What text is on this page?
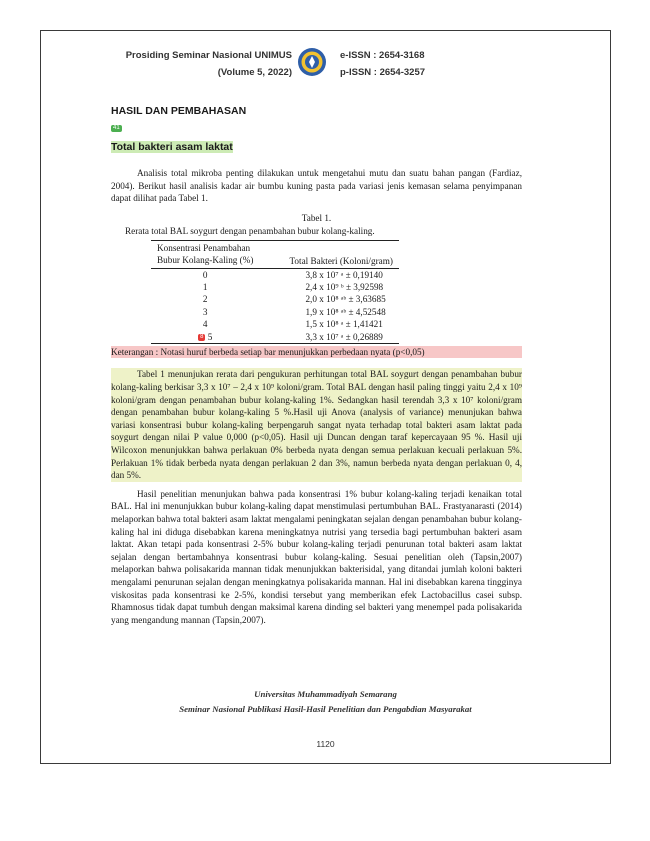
Prosiding Seminar Nasional UNIMUS
(Volume 5, 2022)
e-ISSN : 2654-3168
p-ISSN : 2654-3257
HASIL DAN PEMBAHASAN
41
Total bakteri asam laktat

Analisis total mikroba penting dilakukan untuk mengetahui mutu dan suatu bahan pangan (Fardiaz, 2004). Berikut hasil analisis kadar air bumbu kuning pasta pada variasi jenis kemasan selama penyimpanan dapat dilihat pada Tabel 1.

Tabel 1.
Rerata total BAL soygurt dengan penambahan bubur kolang-kaling.
Konsentrasi Penambahan
Bubur Kolang-Kaling (%)	Total Bakteri (Koloni/gram)
0	3,8 x 10⁷ ᵃ ± 0,19140
1	2,4 x 10⁹ ᵇ ± 3,92598
2	2,0 x 10⁸ ᵃᵇ ± 3,63685
3	1,9 x 10⁸ ᵃᵇ ± 4,52548
4	1,5 x 10⁸ ᵃ ± 1,41421
8 5	3,3 x 10⁷ ᵃ ± 0,26889

Keterangan : Notasi huruf berbeda setiap bar menunjukkan perbedaan nyata (p<0,05)

Tabel 1 menunjukan rerata dari pengukuran perhitungan total BAL soygurt dengan penambahan bubur kolang-kaling berkisar 3,3 x 10⁷ – 2,4 x 10⁹ koloni/gram. Total BAL dengan hasil paling tinggi yaitu 2,4 x 10⁹ koloni/gram dengan penambahan bubur kolang-kaling 1%. Sedangkan hasil terendah 3,3 x 10⁷ koloni/gram dengan penambahan bubur kolang-kaling 5 %.Hasil uji Anova (analysis of variance) menunjukan bahwa variasi konsentrasi bubur kolang-kaling berpengaruh sangat nyata terhadap total bakteri asam laktat pada soygurt dengan nilai P value 0,000 (p<0,05). Hasil uji Duncan dengan taraf kepercayaan 95 %. Hasil uji Wilcoxon menunjukkan bahwa perlakuan 0% berbeda nyata dengan semua perlakuan kecuali perlakuan 5%. Perlakuan 1% tidak berbeda nyata dengan perlakuan 2 dan 3%, namun berbeda nyata dengan perlakuan 0, 4, dan 5%.

Hasil penelitian menunjukan bahwa pada konsentrasi 1% bubur kolang-kaling terjadi kenaikan total BAL. Hal ini menunjukkan bubur kolang-kaling dapat menstimulasi pertumbuhan BAL. Frastyanarasti (2014) melaporkan bahwa total bakteri asam laktat mengalami peningkatan sejalan dengan penambahan bubur kolang-kaling hal ini diduga disebabkan karena meningkatnya nutrisi yang tersedia bagi pertumbuhan bakteri asam laktat. Akan tetapi pada konsentrasi 2-5% bubur kolang-kaling terjadi penurunan total bakteri asam laktat sejalan dengan bertambahnya konsentrasi bubur kolang-kaling. Sesuai penelitian oleh (Tapsin,2007) melaporkan bahwa polisakarida mannan tidak menunjukkan bakterisidal, yang ditandai jumlah koloni bakteri mengalami penurunan sejalan dengan meningkatnya polisakarida mannan. Hal ini disebabkan karena tingginya viskositas pada konsentrasi ke 2-5%, kondisi tersebut yang memberikan efek Lactobacillus casei subsp. Rhamnosus tidak dapat tumbuh dengan maksimal karena dinding sel bakteri yang menempel pada polisakarida yang mengandung mannan (Tapsin,2007).

Universitas Muhammadiyah Semarang
Seminar Nasional Publikasi Hasil-Hasil Penelitian dan Pengabdian Masyarakat
1120
